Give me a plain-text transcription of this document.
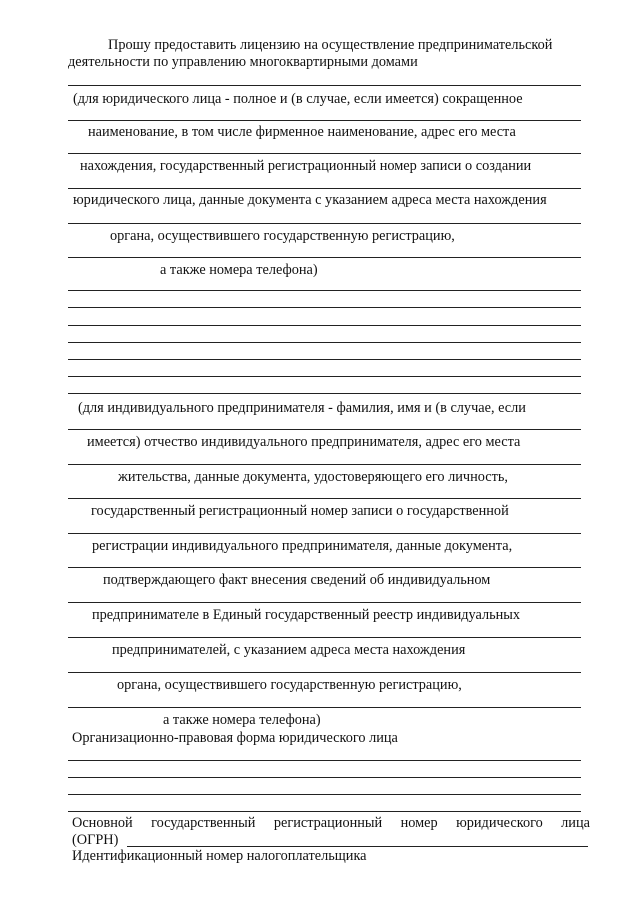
Прошу предоставить лицензию на осуществление предпринимательской
деятельности по управлению многоквартирными домами
(для юридического лица - полное и (в случае, если имеется) сокращенное
наименование, в том числе фирменное наименование, адрес его места
нахождения, государственный регистрационный номер записи о создании
юридического лица, данные документа с указанием адреса места нахождения
органа, осуществившего государственную регистрацию,
а также номера телефона)
(для индивидуального предпринимателя - фамилия, имя и (в случае, если
имеется) отчество индивидуального предпринимателя, адрес его места
жительства, данные документа, удостоверяющего его личность,
государственный регистрационный номер записи о государственной
регистрации индивидуального предпринимателя, данные документа,
подтверждающего факт внесения сведений об индивидуальном
предпринимателе в Единый государственный реестр индивидуальных
предпринимателей, с указанием адреса места нахождения
органа, осуществившего государственную регистрацию,
а также номера телефона)
Организационно-правовая форма юридического лица
Основной государственный регистрационный номер юридического лица
(ОГРН)
Идентификационный номер налогоплательщика
